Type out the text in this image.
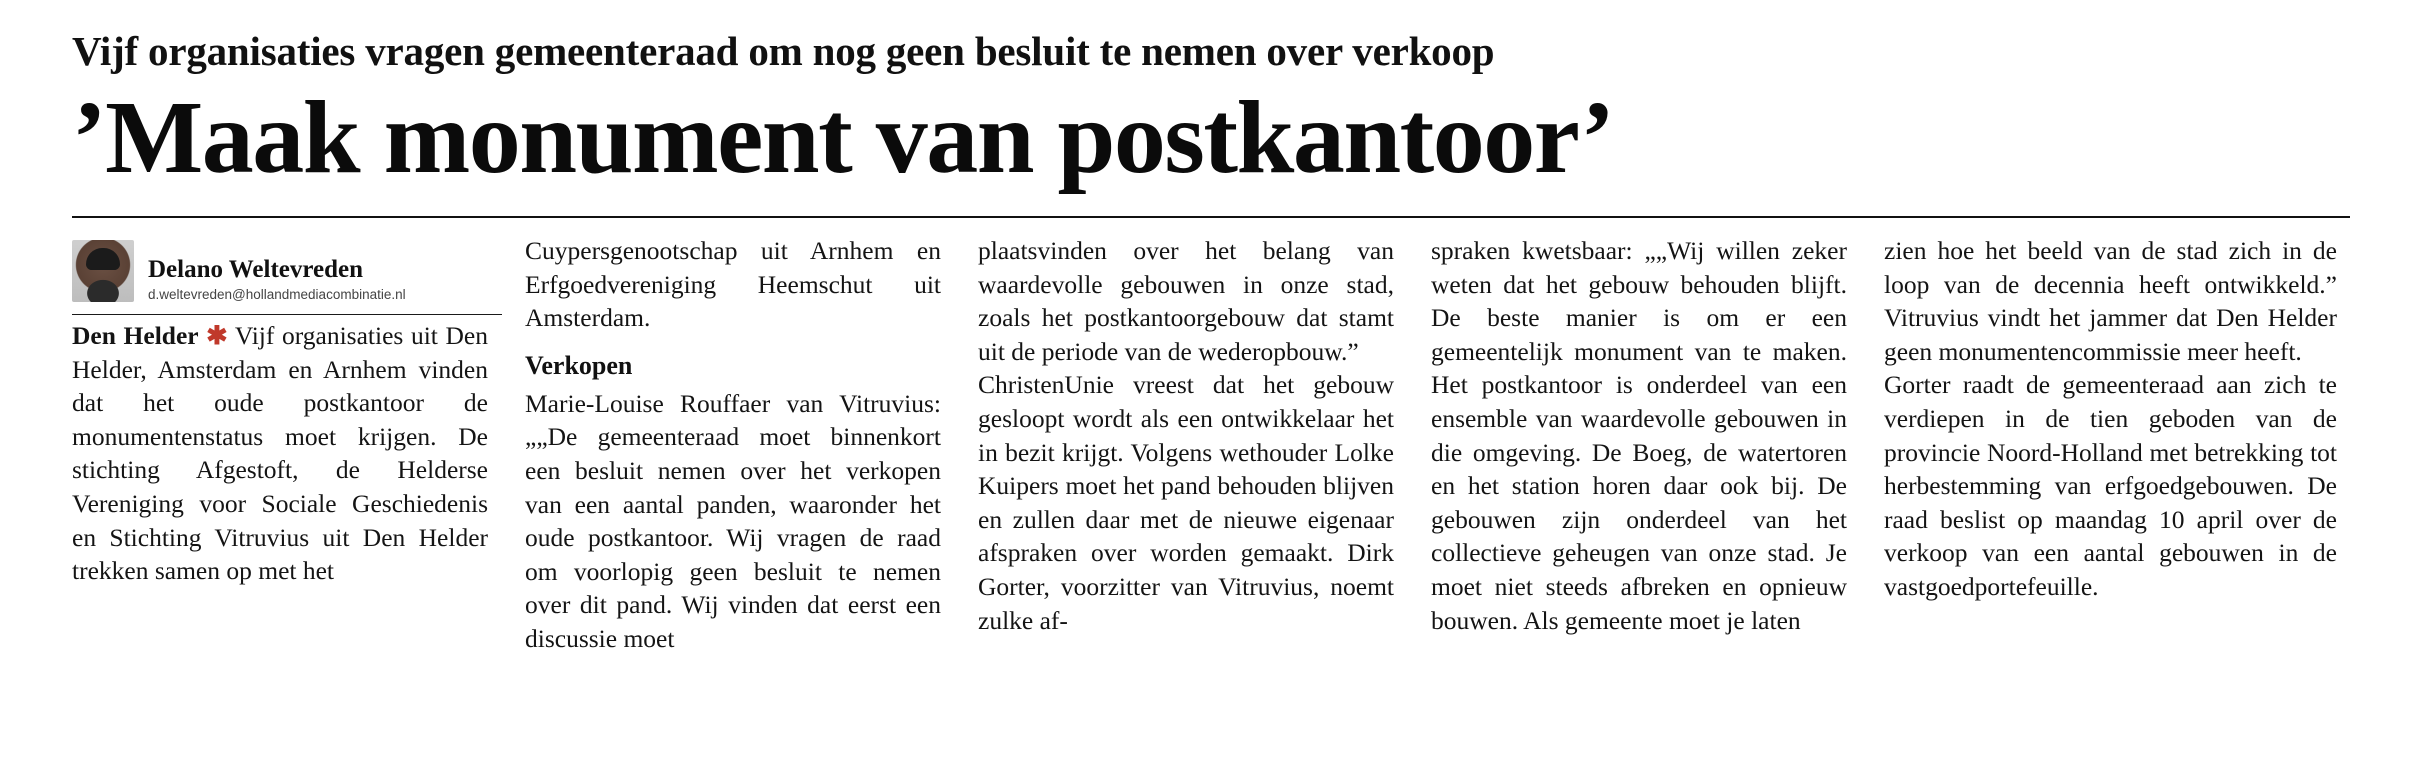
Vijf organisaties vragen gemeenteraad om nog geen besluit te nemen over verkoop
’Maak monument van postkantoor’
Delano Weltevreden
d.weltevreden@hollandmediacombinatie.nl

Den Helder ✱ Vijf organisaties uit Den Helder, Amsterdam en Arnhem vinden dat het oude postkantoor de monumentenstatus moet krijgen. De stichting Afgestoft, de Helderse Vereniging voor Sociale Geschiedenis en Stichting Vitruvius uit Den Helder trekken samen op met het

Cuypersgenootschap uit Arnhem en Erfgoedvereniging Heemschut uit Amsterdam.

Verkopen

Marie-Louise Rouffaer van Vitruvius: „„De gemeenteraad moet binnenkort een besluit nemen over het verkopen van een aantal panden, waaronder het oude postkantoor. Wij vragen de raad om voorlopig geen besluit te nemen over dit pand. Wij vinden dat eerst een discussie moet

plaatsvinden over het belang van waardevolle gebouwen in onze stad, zoals het postkantoorgebouw dat stamt uit de periode van de wederopbouw.”

ChristenUnie vreest dat het gebouw gesloopt wordt als een ontwikkelaar het in bezit krijgt. Volgens wethouder Lolke Kuipers moet het pand behouden blijven en zullen daar met de nieuwe eigenaar afspraken over worden gemaakt. Dirk Gorter, voorzitter van Vitruvius, noemt zulke af-

spraken kwetsbaar: „„Wij willen zeker weten dat het gebouw behouden blijft. De beste manier is om er een gemeentelijk monument van te maken. Het postkantoor is onderdeel van een ensemble van waardevolle gebouwen in die omgeving. De Boeg, de watertoren en het station horen daar ook bij. De gebouwen zijn onderdeel van het collectieve geheugen van onze stad. Je moet niet steeds afbreken en opnieuw bouwen. Als gemeente moet je laten

zien hoe het beeld van de stad zich in de loop van de decennia heeft ontwikkeld.” Vitruvius vindt het jammer dat Den Helder geen monumentencommissie meer heeft.

Gorter raadt de gemeenteraad aan zich te verdiepen in de tien geboden van de provincie Noord-Holland met betrekking tot herbestemming van erfgoedgebouwen. De raad beslist op maandag 10 april over de verkoop van een aantal gebouwen in de vastgoedportefeuille.
